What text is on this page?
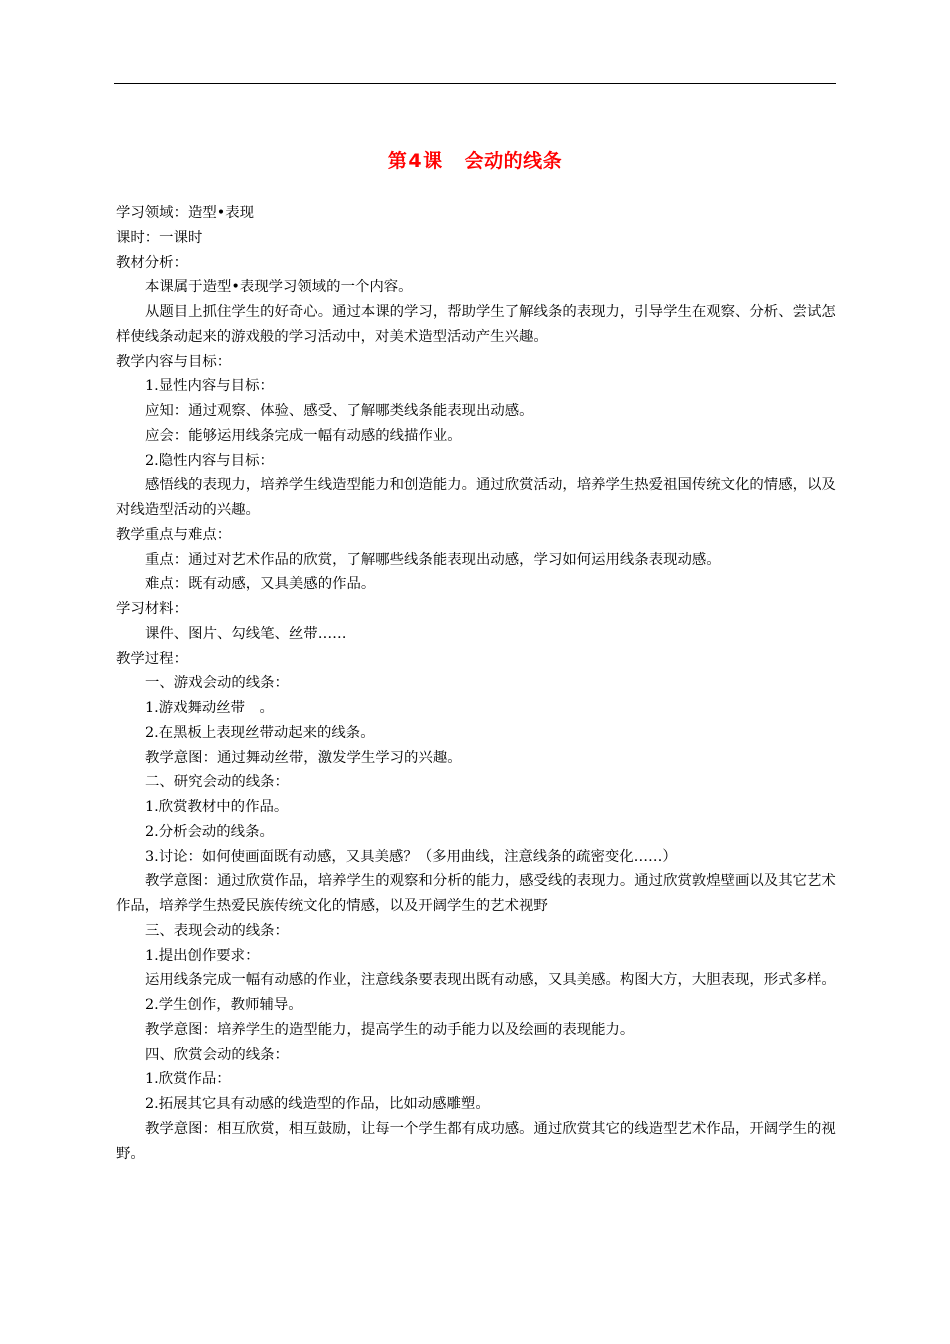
第4课 会动的线条

学习领域：造型•表现

课时：一课时

教材分析：

本课属于造型•表现学习领域的一个内容。

从题目上抓住学生的好奇心。通过本课的学习，帮助学生了解线条的表现力，引导学生在观察、分析、尝试怎样使线条动起来的游戏般的学习活动中，对美术造型活动产生兴趣。

教学内容与目标：

1.显性内容与目标：

应知：通过观察、体验、感受、了解哪类线条能表现出动感。

应会：能够运用线条完成一幅有动感的线描作业。

2.隐性内容与目标：

感悟线的表现力，培养学生线造型能力和创造能力。通过欣赏活动，培养学生热爱祖国传统文化的情感，以及对线造型活动的兴趣。

教学重点与难点：

重点：通过对艺术作品的欣赏，了解哪些线条能表现出动感，学习如何运用线条表现动感。

难点：既有动感，又具美感的作品。

学习材料：

课件、图片、勾线笔、丝带……

教学过程：

一、游戏会动的线条：

1.游戏舞动丝带　。

2.在黑板上表现丝带动起来的线条。

教学意图：通过舞动丝带，激发学生学习的兴趣。

二、研究会动的线条：

1.欣赏教材中的作品。

2.分析会动的线条。

3.讨论：如何使画面既有动感，又具美感？（多用曲线，注意线条的疏密变化……）

教学意图：通过欣赏作品，培养学生的观察和分析的能力，感受线的表现力。通过欣赏敦煌壁画以及其它艺术作品，培养学生热爱民族传统文化的情感，以及开阔学生的艺术视野

三、表现会动的线条：

1.提出创作要求：

运用线条完成一幅有动感的作业，注意线条要表现出既有动感，又具美感。构图大方，大胆表现，形式多样。

2.学生创作，教师辅导。

教学意图：培养学生的造型能力，提高学生的动手能力以及绘画的表现能力。

四、欣赏会动的线条：

1.欣赏作品：

2.拓展其它具有动感的线造型的作品，比如动感雕塑。

教学意图：相互欣赏，相互鼓励，让每一个学生都有成功感。通过欣赏其它的线造型艺术作品，开阔学生的视野。
